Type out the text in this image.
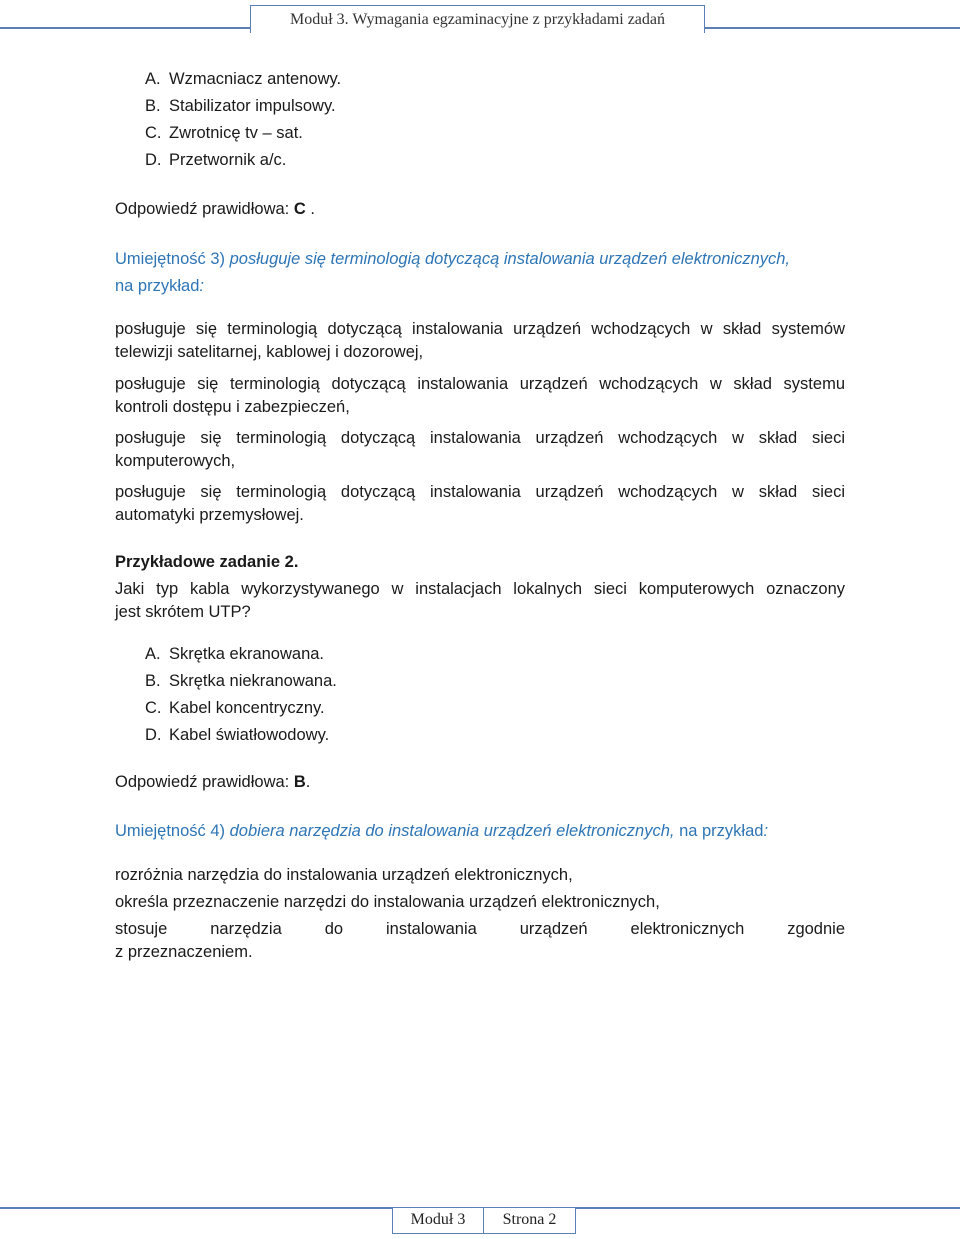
Moduł 3. Wymagania egzaminacyjne z przykładami zadań
A. Wzmacniacz antenowy.
B. Stabilizator impulsowy.
C. Zwrotnicę tv – sat.
D. Przetwornik a/c.
Odpowiedź prawidłowa: C .
Umiejętność 3) posługuje się terminologią dotyczącą instalowania urządzeń elektronicznych,
na przykład:
posługuje się terminologią dotyczącą instalowania urządzeń wchodzących w skład systemów
telewizji satelitarnej, kablowej i dozorowej,
posługuje się terminologią dotyczącą instalowania urządzeń wchodzących w skład systemu
kontroli dostępu i zabezpieczeń,
posługuje się terminologią dotyczącą instalowania urządzeń wchodzących w skład sieci
komputerowych,
posługuje się terminologią dotyczącą instalowania urządzeń wchodzących w skład sieci
automatyki przemysłowej.
Przykładowe zadanie 2.
Jaki typ kabla wykorzystywanego w instalacjach lokalnych sieci komputerowych oznaczony
jest skrótem UTP?
A. Skrętka ekranowana.
B. Skrętka niekranowana.
C. Kabel koncentryczny.
D. Kabel światłowodowy.
Odpowiedź prawidłowa: B.
Umiejętność 4) dobiera narzędzia do instalowania urządzeń elektronicznych, na przykład:
rozróżnia narzędzia do instalowania urządzeń elektronicznych,
określa przeznaczenie narzędzi do instalowania urządzeń elektronicznych,
stosuje narzędzia do instalowania urządzeń elektronicznych zgodnie
z przeznaczeniem.
Moduł 3	Strona 2
